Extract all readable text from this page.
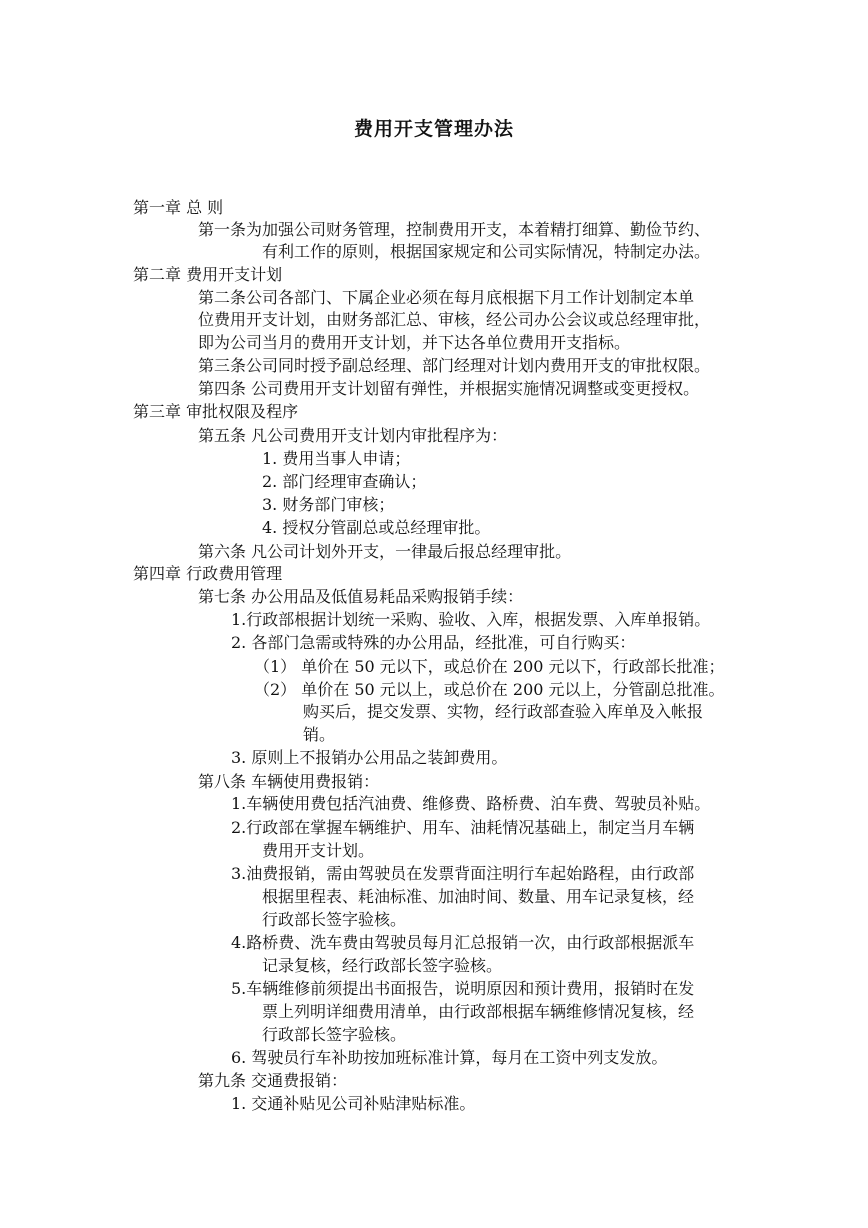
费用开支管理办法
第一章 总 则
第一条为加强公司财务管理，控制费用开支，本着精打细算、勤俭节约、
有利工作的原则，根据国家规定和公司实际情况，特制定办法。
第二章 费用开支计划
第二条公司各部门、下属企业必须在每月底根据下月工作计划制定本单
位费用开支计划，由财务部汇总、审核，经公司办公会议或总经理审批，
即为公司当月的费用开支计划，并下达各单位费用开支指标。
第三条公司同时授予副总经理、部门经理对计划内费用开支的审批权限。
第四条 公司费用开支计划留有弹性，并根据实施情况调整或变更授权。
第三章 审批权限及程序
第五条 凡公司费用开支计划内审批程序为：
1. 费用当事人申请；
2. 部门经理审查确认；
3. 财务部门审核；
4. 授权分管副总或总经理审批。
第六条 凡公司计划外开支，一律最后报总经理审批。
第四章 行政费用管理
第七条 办公用品及低值易耗品采购报销手续：
1.行政部根据计划统一采购、验收、入库，根据发票、入库单报销。
2. 各部门急需或特殊的办公用品，经批准，可自行购买：
（1） 单价在 50 元以下，或总价在 200 元以下，行政部长批准；
（2） 单价在 50 元以上，或总价在 200 元以上，分管副总批准。
购买后，提交发票、实物，经行政部查验入库单及入帐报
销。
3. 原则上不报销办公用品之装卸费用。
第八条 车辆使用费报销：
1.车辆使用费包括汽油费、维修费、路桥费、泊车费、驾驶员补贴。
2.行政部在掌握车辆维护、用车、油耗情况基础上，制定当月车辆
费用开支计划。
3.油费报销，需由驾驶员在发票背面注明行车起始路程，由行政部
根据里程表、耗油标准、加油时间、数量、用车记录复核，经
行政部长签字验核。
4.路桥费、洗车费由驾驶员每月汇总报销一次，由行政部根据派车
记录复核，经行政部长签字验核。
5.车辆维修前须提出书面报告，说明原因和预计费用，报销时在发
票上列明详细费用清单，由行政部根据车辆维修情况复核，经
行政部长签字验核。
6. 驾驶员行车补助按加班标准计算，每月在工资中列支发放。
第九条 交通费报销：
1. 交通补贴见公司补贴津贴标准。
